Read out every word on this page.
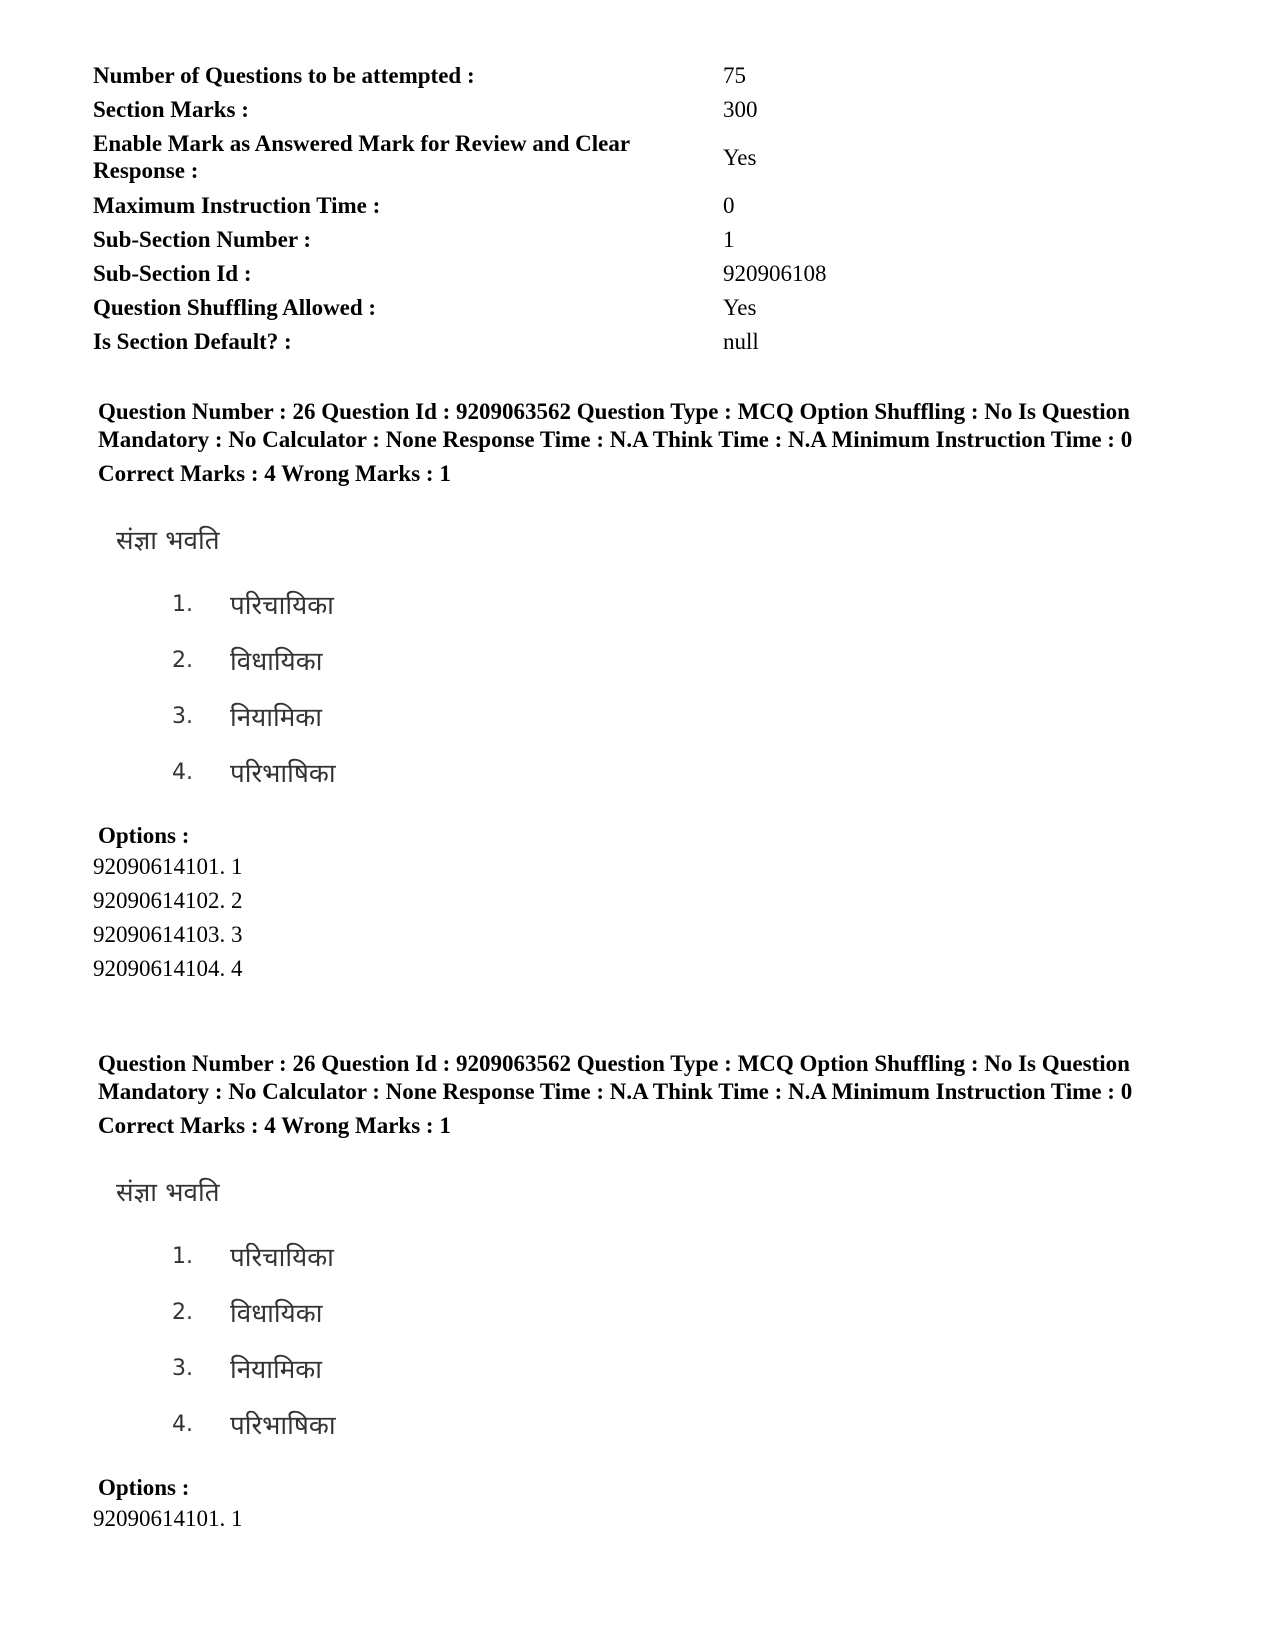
Number of Questions to be attempted :	75
Section Marks :	300
Enable Mark as Answered Mark for Review and Clear Response :	Yes
Maximum Instruction Time :	0
Sub-Section Number :	1
Sub-Section Id :	920906108
Question Shuffling Allowed :	Yes
Is Section Default? :	null

Question Number : 26 Question Id : 9209063562 Question Type : MCQ Option Shuffling : No Is Question Mandatory : No Calculator : None Response Time : N.A Think Time : N.A Minimum Instruction Time : 0

Correct Marks : 4 Wrong Marks : 1
संज्ञा भवति
1.	परिचायिका
2.	विधायिका
3.	नियामिका
4.	परिभाषिका
Options :
92090614101. 1
92090614102. 2
92090614103. 3
92090614104. 4

Question Number : 26 Question Id : 9209063562 Question Type : MCQ Option Shuffling : No Is Question Mandatory : No Calculator : None Response Time : N.A Think Time : N.A Minimum Instruction Time : 0

Correct Marks : 4 Wrong Marks : 1
संज्ञा भवति
1.	परिचायिका
2.	विधायिका
3.	नियामिका
4.	परिभाषिका
Options :
92090614101. 1
